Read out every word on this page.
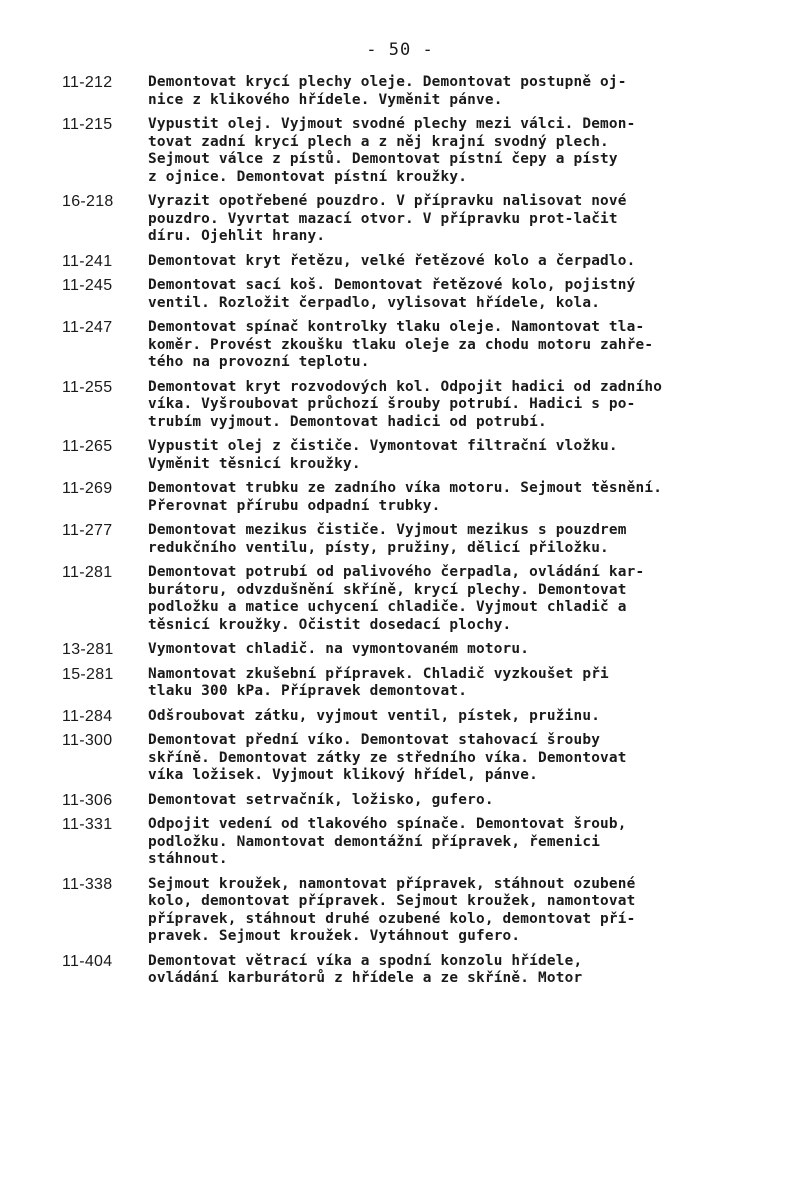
- 50 -
11-212	Demontovat krycí plechy oleje. Demontovat postupně oj-
nice z klikového hřídele. Vyměnit pánve.
11-215	Vypustit olej. Vyjmout svodné plechy mezi válci. Demon-
tovat zadní krycí plech a z něj krajní svodný plech.
Sejmout válce z pístů. Demontovat pístní čepy a písty
z ojnice. Demontovat pístní kroužky.
16-218	Vyrazit opotřebené pouzdro. V přípravku nalisovat nové
pouzdro. Vyvrtat mazací otvor. V přípravku prot-lačit
díru. Ojehlit hrany.
11-241	Demontovat kryt řetězu, velké řetězové kolo a čerpadlo.
11-245	Demontovat sací koš. Demontovat řetězové kolo, pojistný
ventil. Rozložit čerpadlo, vylisovat hřídele, kola.
11-247	Demontovat spínač kontrolky tlaku oleje. Namontovat tla-
koměr. Provést zkoušku tlaku oleje za chodu motoru zahře-
tého na provozní teplotu.
11-255	Demontovat kryt rozvodových kol. Odpojit hadici od zadního
víka. Vyšroubovat průchozí šrouby potrubí. Hadici s po-
trubím vyjmout. Demontovat hadici od potrubí.
11-265	Vypustit olej z čističe. Vymontovat filtrační vložku.
Vyměnit těsnicí kroužky.
11-269	Demontovat trubku ze zadního víka motoru. Sejmout těsnění.
Přerovnat přírubu odpadní trubky.
11-277	Demontovat mezikus čističe. Vyjmout mezikus s pouzdrem
redukčního ventilu, písty, pružiny, dělicí přiložku.
11-281	Demontovat potrubí od palivového čerpadla, ovládání kar-
burátoru, odvzdušnění skříně, krycí plechy. Demontovat
podložku a matice uchycení chladiče. Vyjmout chladič a
těsnicí kroužky. Očistit dosedací plochy.
13-281	Vymontovat chladič. na vymontovaném motoru.
15-281	Namontovat zkušební přípravek. Chladič vyzkoušet při
tlaku 300 kPa. Přípravek demontovat.
11-284	Odšroubovat zátku, vyjmout ventil, pístek, pružinu.
11-300	Demontovat přední víko. Demontovat stahovací šrouby
skříně. Demontovat zátky ze středního víka. Demontovat
víka ložisek. Vyjmout klikový hřídel, pánve.
11-306	Demontovat setrvačník, ložisko, gufero.
11-331	Odpojit vedení od tlakového spínače. Demontovat šroub,
podložku. Namontovat demontážní přípravek, řemenici
stáhnout.
11-338	Sejmout kroužek, namontovat přípravek, stáhnout ozubené
kolo, demontovat přípravek. Sejmout kroužek, namontovat
přípravek, stáhnout druhé ozubené kolo, demontovat pří-
pravek. Sejmout kroužek. Vytáhnout gufero.
11-404	Demontovat větrací víka a spodní konzolu hřídele,
ovládání karburátorů z hřídele a ze skříně. Motor
